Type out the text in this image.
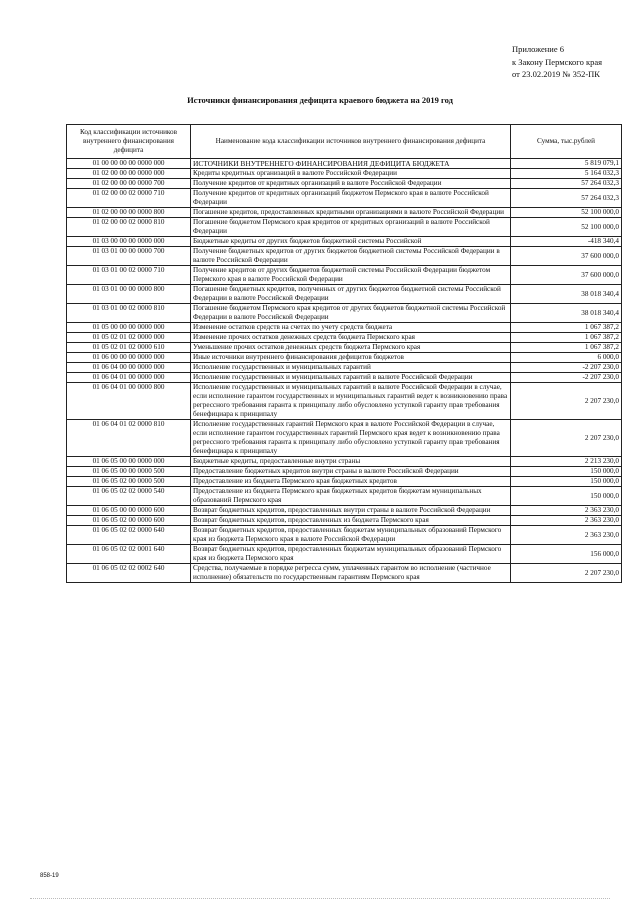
Приложение 6
к Закону Пермского края
от 23.02.2019 № 352-ПК
Источники финансирования дефицита краевого бюджета на 2019 год
Код классификации источников внутреннего финансирования дефицита	Наименование кода классификации источников внутреннего финансирования дефицита	Сумма, тыс.рублей
01 00 00 00 00 0000 000	ИСТОЧНИКИ ВНУТРЕННЕГО ФИНАНСИРОВАНИЯ ДЕФИЦИТА БЮДЖЕТА	5 819 079,1
01 02 00 00 00 0000 000	Кредиты кредитных организаций в валюте Российской Федерации	5 164 032,3
01 02 00 00 00 0000 700	Получение кредитов от кредитных организаций в валюте Российской Федерации	57 264 032,3
01 02 00 00 02 0000 710	Получение кредитов от кредитных организаций бюджетом Пермского края в валюте Российской Федерации	57 264 032,3
01 02 00 00 00 0000 800	Погашение кредитов, предоставленных кредитными организациями в валюте Российской Федерации	52 100 000,0
01 02 00 00 02 0000 810	Погашение бюджетом Пермского края кредитов от кредитных организаций в валюте Российской Федерации	52 100 000,0
01 03 00 00 00 0000 000	Бюджетные кредиты от других бюджетов бюджетной системы Российской	-418 340,4
01 03 01 00 00 0000 700	Получение бюджетных кредитов от других бюджетов бюджетной системы Российской Федерации в валюте Российской Федерации	37 600 000,0
01 03 01 00 02 0000 710	Получение кредитов от других бюджетов бюджетной системы Российской Федерации бюджетом Пермского края в валюте Российской Федерации	37 600 000,0
01 03 01 00 00 0000 800	Погашение бюджетных кредитов, полученных от других бюджетов бюджетной системы Российской Федерации в валюте Российской Федерации	38 018 340,4
01 03 01 00 02 0000 810	Погашение бюджетом Пермского края кредитов от других бюджетов бюджетной системы Российской Федерации в валюте Российской Федерации	38 018 340,4
01 05 00 00 00 0000 000	Изменение остатков средств на счетах по учету средств бюджета	1 067 387,2
01 05 02 01 02 0000 000	Изменение прочих остатков денежных средств бюджета Пермского края	1 067 387,2
01 05 02 01 02 0000 610	Уменьшение прочих остатков денежных средств бюджета Пермского края	1 067 387,2
01 06 00 00 00 0000 000	Иные источники внутреннего финансирования дефицитов бюджетов	6 000,0
01 06 04 00 00 0000 000	Исполнение государственных и муниципальных гарантий	-2 207 230,0
01 06 04 01 00 0000 000	Исполнение государственных и муниципальных гарантий в валюте Российской Федерации	-2 207 230,0
01 06 04 01 00 0000 800	Исполнение государственных и муниципальных гарантий в валюте Российской Федерации в случае, если исполнение гарантом государственных и муниципальных гарантий ведет к возникновению права регрессного требования гаранта к принципалу либо обусловлено уступкой гаранту прав требования бенефициара к принципалу	2 207 230,0
01 06 04 01 02 0000 810	Исполнение государственных гарантий Пермского края в валюте Российской Федерации в случае, если исполнение гарантом государственных гарантий Пермского края ведет к возникновению права регрессного требования гаранта к принципалу либо обусловлено уступкой гаранту прав требования бенефициара к принципалу	2 207 230,0
01 06 05 00 00 0000 000	Бюджетные кредиты, предоставленные внутри страны	2 213 230,0
01 06 05 00 00 0000 500	Предоставление бюджетных кредитов внутри страны в валюте Российской Федерации	150 000,0
01 06 05 02 00 0000 500	Предоставление из бюджета Пермского края бюджетных кредитов	150 000,0
01 06 05 02 02 0000 540	Предоставление из бюджета Пермского края бюджетных кредитов бюджетам муниципальных образований Пермского края	150 000,0
01 06 05 00 00 0000 600	Возврат бюджетных кредитов, предоставленных внутри страны в валюте Российской Федерации	2 363 230,0
01 06 05 02 00 0000 600	Возврат бюджетных кредитов, предоставленных из бюджета Пермского края	2 363 230,0
01 06 05 02 02 0000 640	Возврат бюджетных кредитов, предоставленных бюджетам муниципальных образований Пермского края из бюджета Пермского края в валюте Российской Федерации	2 363 230,0
01 06 05 02 02 0001 640	Возврат бюджетных кредитов, предоставленных бюджетам муниципальных образований Пермского края из бюджета Пермского края	156 000,0
01 06 05 02 02 0002 640	Средства, получаемые в порядке регресса сумм, уплаченных гарантом во исполнение (частичное исполнение) обязательств по государственным гарантиям Пермского края	2 207 230,0
858-19
